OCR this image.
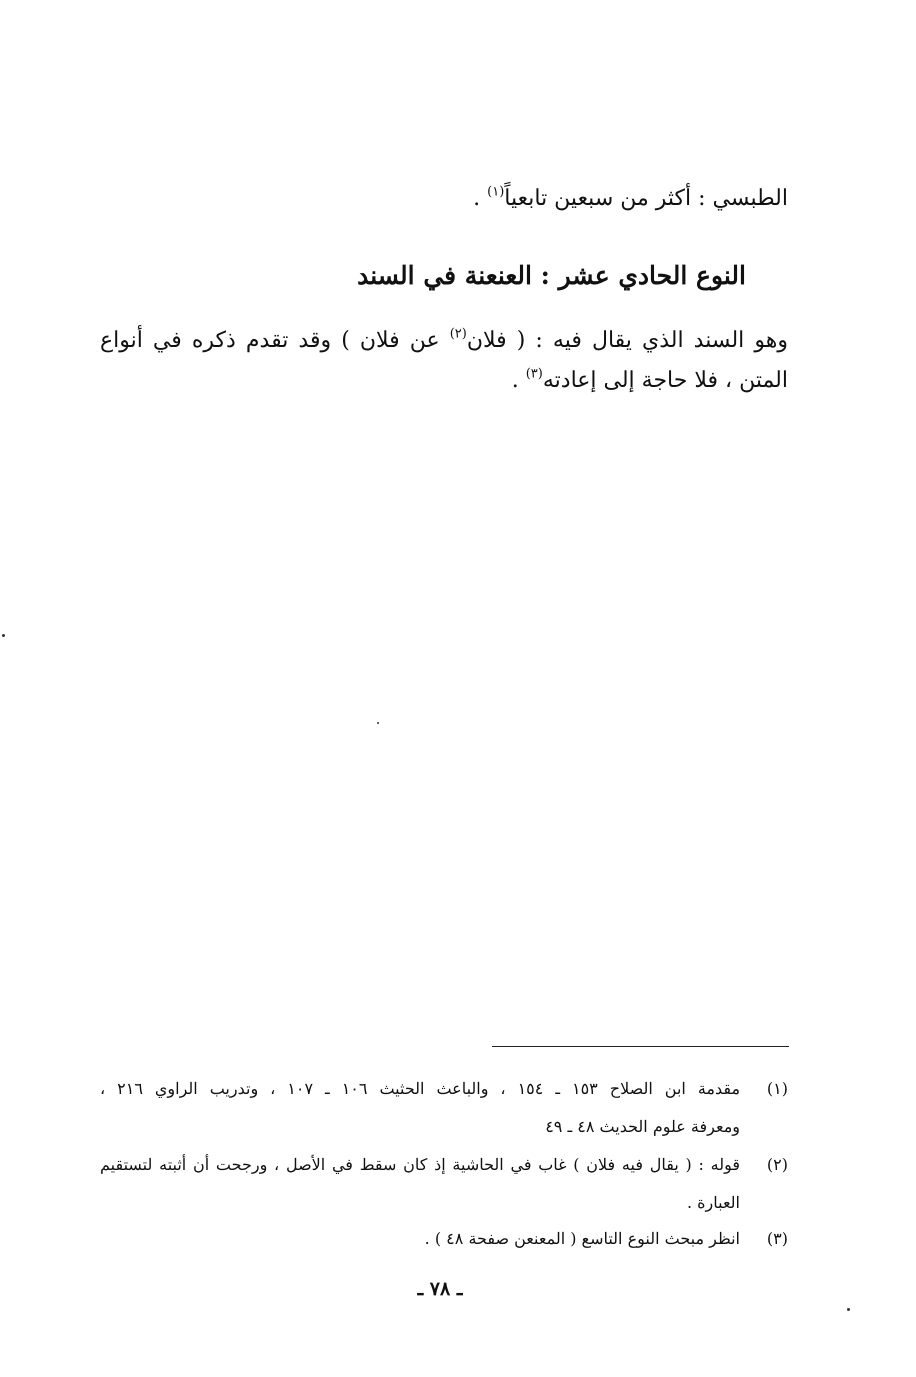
الطبسي : أكثر من سبعين تابعياً$^{(١)}$ .
النوع الحادي عشر : العنعنة في السند
وهو السند الذي يقال فيه : ( فلان$^{(٢)}$ عن فلان ) وقد تقدم ذكره في أنواع
المتن ، فلا حاجة إلى إعادته$^{(٣)}$ .
(١)
مقدمة ابن الصلاح ١٥٣ ـ ١٥٤ ، والباعث الحثيث ١٠٦ ـ ١٠٧ ، وتدريب الراوي ٢١٦ ،
ومعرفة علوم الحديث ٤٨ ـ ٤٩
(٢)
قوله : ( يقال فيه فلان ) غاب في الحاشية إذ كان سقط في الأصل ، ورجحت أن أثبته لتستقيم
العبارة .
(٣)
انظر مبحث النوع التاسع ( المعنعن صفحة ٤٨ ) .
ـ ٧٨ ـ
